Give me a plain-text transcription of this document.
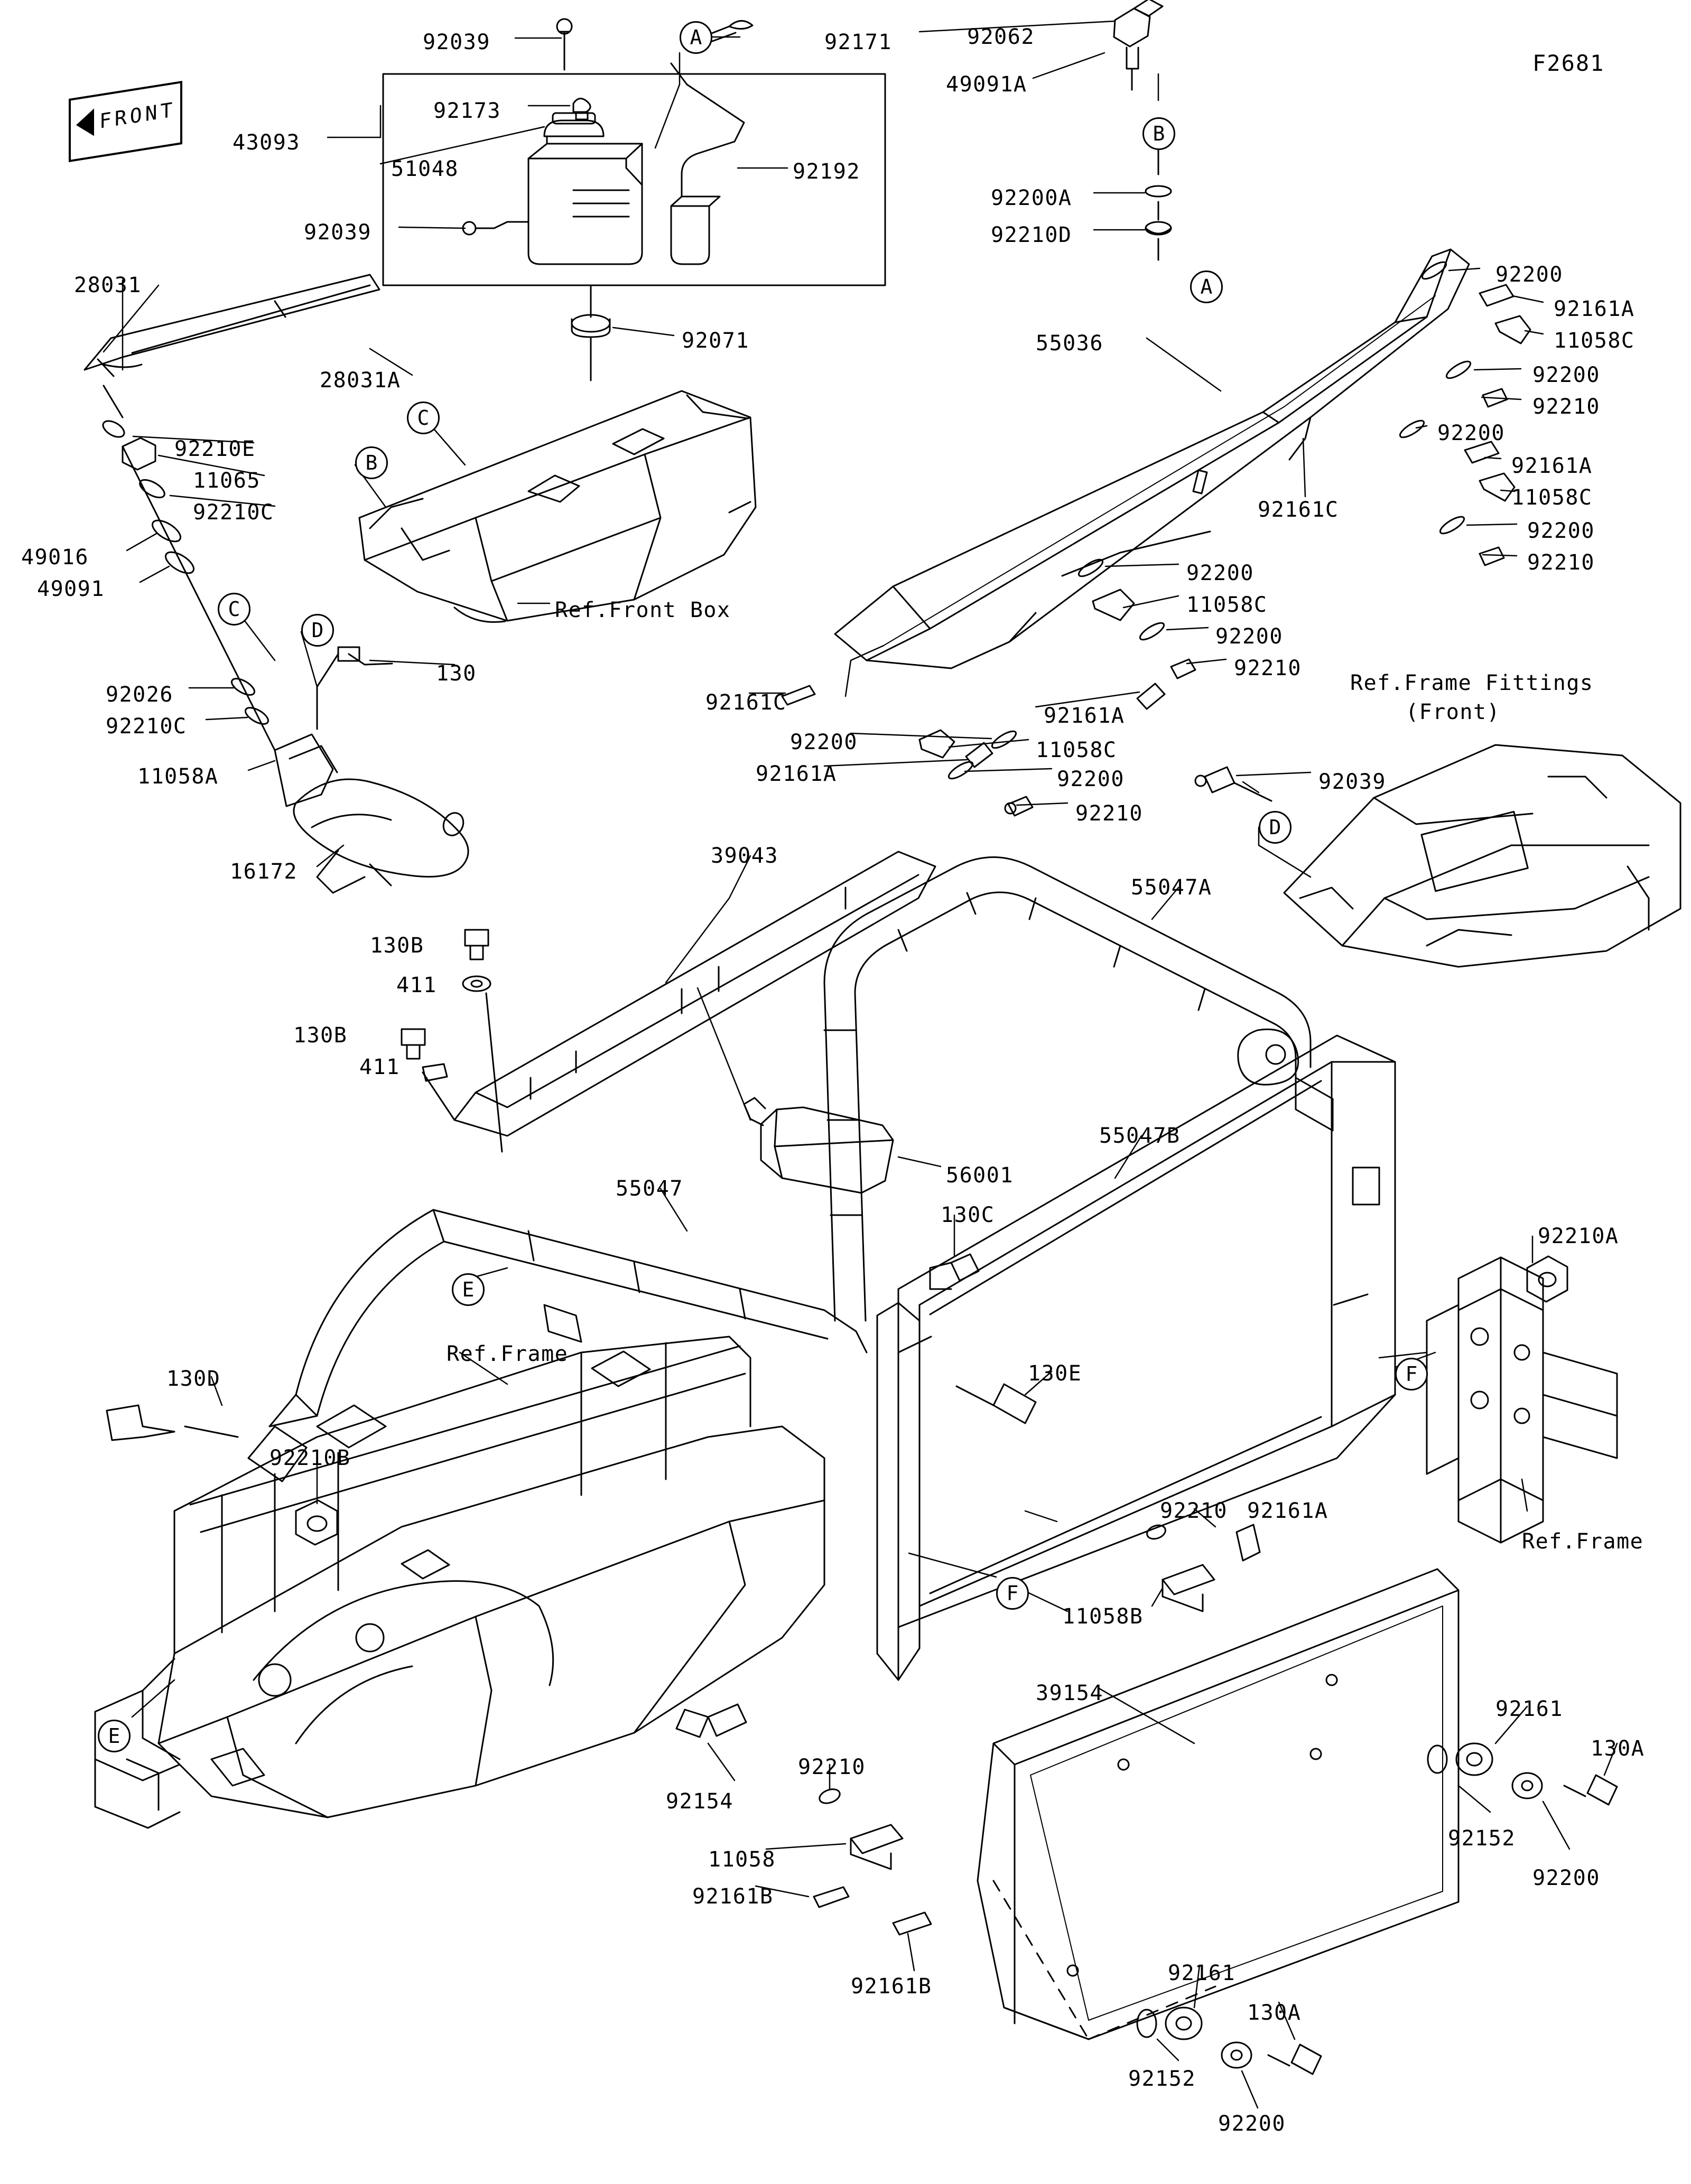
F2681
FRONT
92039	92171	92062
49091A
92173
43093
51048	92192
92200A
92210D
92039
92200
92161A
11058C
28031
92071	55036
92200
92210
28031A
92200
92210E
92161A
11065
11058C
92161C
92210C
92200
92210
49016
49091
92200
11058C
92200
92210
130
92026
92210C
92161C
92161A
92200	11058C
92161A
11058A	92200	92039
92210
16172
39043
55047A
130B
411
130B
411
56001
55047B
55047
130C
92210A
130E
130D
92210B
92210 92161A
11058B
39154
92161
130A
92154
92210
92152
92200
11058
92161B
92161B
92161
130A
92152
92200
A
A
B
B
C
C
D
D
E
E
F
F
Ref.Front Box
Ref.Frame Fittings
(Front)
Ref.Frame
Ref.Frame
